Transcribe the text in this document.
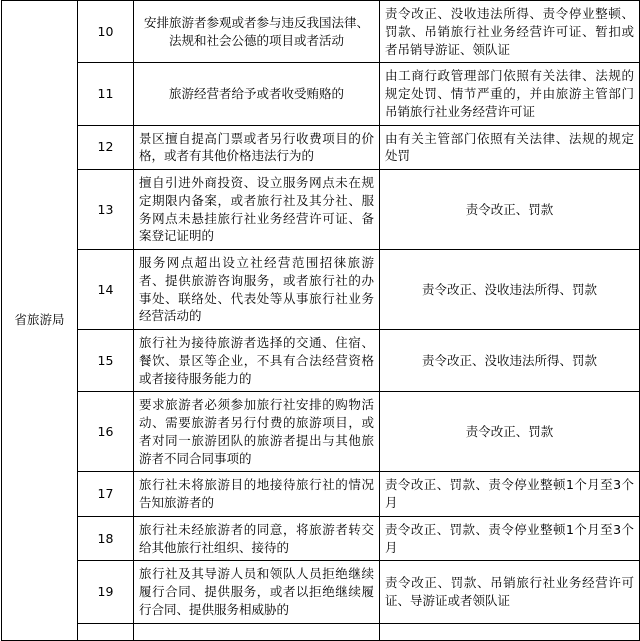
省旅游局	10	安排旅游者参观或者参与违反我国法律、法规和社会公德的项目或者活动	责令改正、没收违法所得、责令停业整顿、罚款、吊销旅行社业务经营许可证、暂扣或者吊销导游证、领队证
	11	旅游经营者给予或者收受贿赂的	由工商行政管理部门依照有关法律、法规的规定处罚、情节严重的，并由旅游主管部门吊销旅行社业务经营许可证
	12	景区擅自提高门票或者另行收费项目的价格，或者有其他价格违法行为的	由有关主管部门依照有关法律、法规的规定处罚
	13	擅自引进外商投资、设立服务网点未在规定期限内备案，或者旅行社及其分社、服务网点未悬挂旅行社业务经营许可证、备案登记证明的	责令改正、罚款
	14	服务网点超出设立社经营范围招徕旅游者、提供旅游咨询服务，或者旅行社的办事处、联络处、代表处等从事旅行社业务经营活动的	责令改正、没收违法所得、罚款
	15	旅行社为接待旅游者选择的交通、住宿、餐饮、景区等企业，不具有合法经营资格或者接待服务能力的	责令改正、没收违法所得、罚款
	16	要求旅游者必须参加旅行社安排的购物活动、需要旅游者另行付费的旅游项目，或者对同一旅游团队的旅游者提出与其他旅游者不同合同事项的	责令改正、罚款
	17	旅行社未将旅游目的地接待旅行社的情况告知旅游者的	责令改正、罚款、责令停业整顿1个月至3个月
	18	旅行社未经旅游者的同意，将旅游者转交给其他旅行社组织、接待的	责令改正、罚款、责令停业整顿1个月至3个月
	19	旅行社及其导游人员和领队人员拒绝继续履行合同、提供服务，或者以拒绝继续履行合同、提供服务相威胁的	责令改正、罚款、吊销旅行社业务经营许可证、导游证或者领队证
